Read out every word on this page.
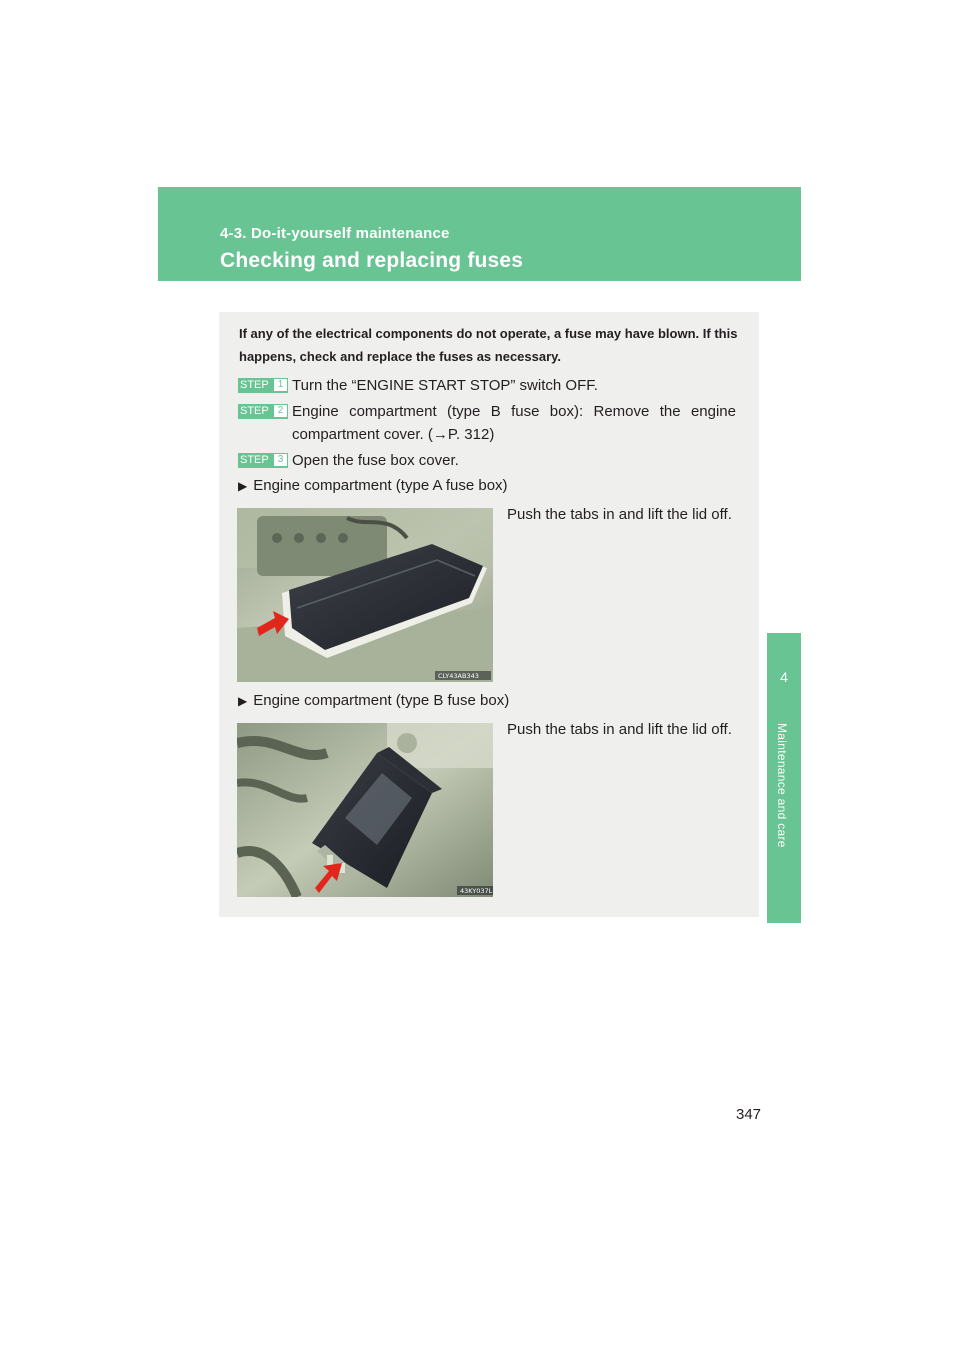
4-3. Do-it-yourself maintenance
Checking and replacing fuses
4
Maintenance and care
If any of the electrical components do not operate, a fuse may have blown. If this happens, check and replace the fuses as necessary.
STEP 1 Turn the “ENGINE START STOP” switch OFF.
STEP 2 Engine compartment (type B fuse box): Remove the engine compartment cover. (→P. 312)
STEP 3 Open the fuse box cover.
▶ Engine compartment (type A fuse box)
CLY43AB343
Push the tabs in and lift the lid off.
▶ Engine compartment (type B fuse box)
43KY037L
Push the tabs in and lift the lid off.
347
